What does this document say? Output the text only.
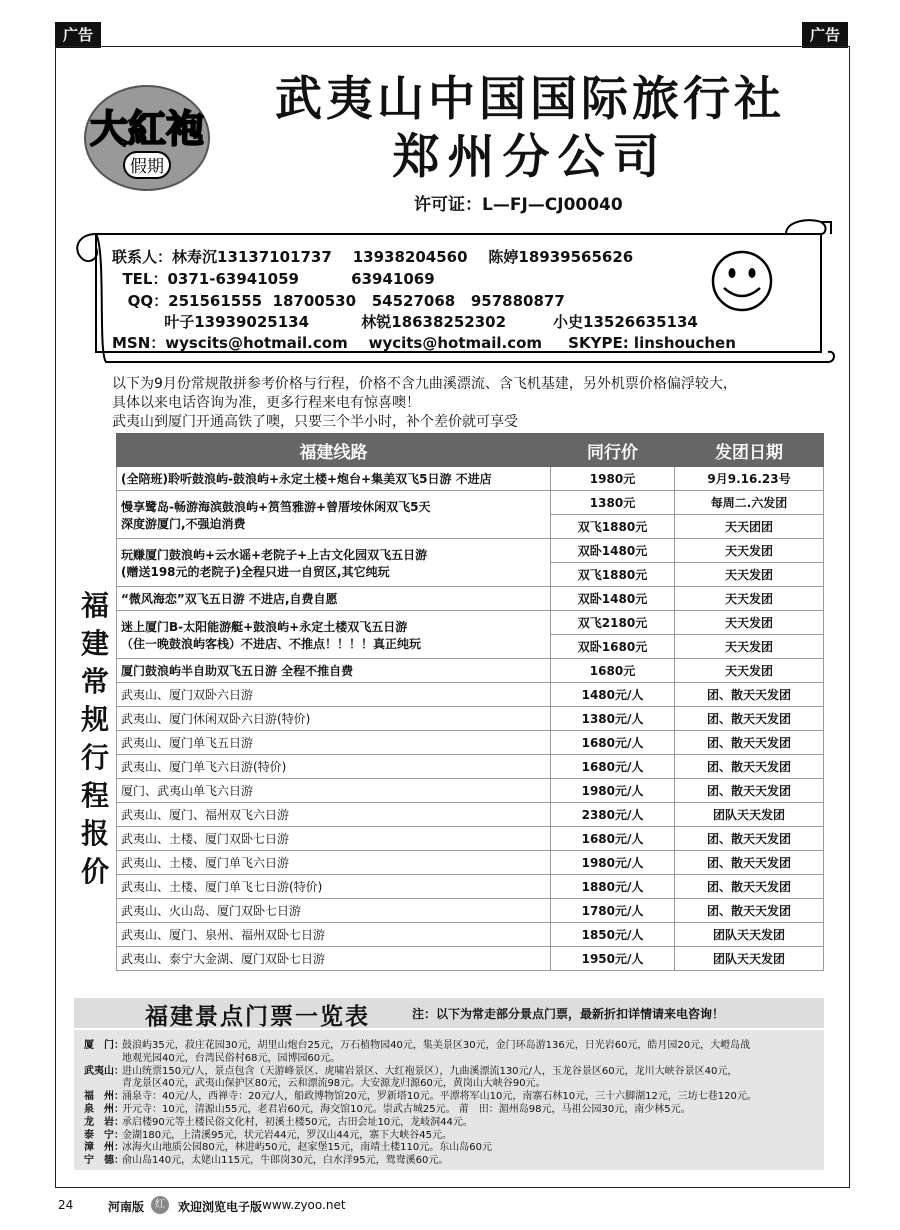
广告	广告
大紅袍
假期
武夷山中国国际旅行社
郑州分公司
许可证：L—FJ—CJ00040
联系人：林寿沉13137101737    13938204560    陈婷18939565626
TEL：0371-63941059          63941069
QQ：251561555  18700530   54527068   957880877
叶子13939025134          林锐18638252302         小史13526635134
MSN：wyscits@hotmail.com    wycits@hotmail.com     SKYPE: linshouchen
以下为9月份常规散拼参考价格与行程，价格不含九曲溪漂流、含飞机基建，另外机票价格偏浮较大，
具体以来电话咨询为准，更多行程来电有惊喜噢！
武夷山到厦门开通高铁了噢，只要三个半小时，补个差价就可享受
	福建线路	同行价	发团日期

福建常规行程报价	(全陪班)聆听鼓浪屿-鼓浪屿+永定土楼+炮台+集美双飞5日游 不进店	1980元	9月9.16.23号

	慢享鹭岛-畅游海滨鼓浪屿+筼筜雅游+曾厝垵休闲双飞5天
深度游厦门,不强迫消费	1380元	每周二.六发团
		双飞1880元	天天团团

	玩赚厦门鼓浪屿+云水谣+老院子+上古文化园双飞五日游
(赠送198元的老院子)全程只进一自贸区,其它纯玩	双卧1480元	天天发团
		双飞1880元	天天发团

	“微风海恋”双飞五日游 不进店,自费自愿	双卧1480元	天天发团

	迷上厦门B-太阳能游艇+鼓浪屿+永定土楼双飞五日游
（住一晚鼓浪屿客栈）不进店、不推点！！！！真正纯玩	双飞2180元	天天发团
		双卧1680元	天天发团

	厦门鼓浪屿半自助双飞五日游 全程不推自费	1680元	天天发团
	武夷山、厦门双卧六日游	1480元/人	团、散天天发团
	武夷山、厦门休闲双卧六日游(特价)	1380元/人	团、散天天发团
	武夷山、厦门单飞五日游	1680元/人	团、散天天发团
	武夷山、厦门单飞六日游(特价)	1680元/人	团、散天天发团
	厦门、武夷山单飞六日游	1980元/人	团、散天天发团
	武夷山、厦门、福州双飞六日游	2380元/人	团队天天发团
	武夷山、土楼、厦门双卧七日游	1680元/人	团、散天天发团
	武夷山、土楼、厦门单飞六日游	1980元/人	团、散天天发团
	武夷山、土楼、厦门单飞七日游(特价)	1880元/人	团、散天天发团
	武夷山、火山岛、厦门双卧七日游	1780元/人	团、散天天发团
	武夷山、厦门、泉州、福州双卧七日游	1850元/人	团队天天发团
	武夷山、泰宁大金湖、厦门双卧七日游	1950元/人	团队天天发团
福建景点门票一览表	注：以下为常走部分景点门票，最新折扣详情请来电咨询！
厦　门：鼓浪屿35元，菽庄花园30元，胡里山炮台25元，万石植物园40元，集美景区30元，金门环岛游136元，日光岩60元，皓月园20元，大嶝岛战
地观光园40元，台湾民俗村68元，园博园60元。
武夷山：进山统票150元/人，景点包含（天游峰景区、虎啸岩景区、大红袍景区），九曲溪漂流130元/人，玉龙谷景区60元，龙川大峡谷景区40元，
青龙景区40元，武夷山保护区80元，云和漂流98元。大安源龙归源60元，黄岗山大峡谷90元。
福　州：涌泉寺：40元/人，西禅寺：20元/人，船政博物馆20元，罗新塔10元。平潭将军山10元，南寨石林10元，三十六脚湖12元，三坊七巷120元。
泉　州：开元寺：10元，清源山55元，老君岩60元，海交馆10元。崇武古城25元。 莆　田：湄州岛98元，马祖公园30元，南少林5元。
龙　岩：承启楼90元等土楼民俗文化村，初溪土楼50元，古田会址10元，龙岐洞44元。
泰　宁：金湖180元，上清溪95元，状元岩44元，罗汉山44元，寨下大峡谷45元。
漳　州：冰海火山地质公园80元，林进屿50元，赵家堡15元，南靖土楼110元。东山岛60元
宁　德：俞山岛140元，太姥山115元，牛郎岗30元，白水洋95元，鸳鸯溪60元。
24	河南版	红	欢迎浏览电子版 www.zyoo.net
